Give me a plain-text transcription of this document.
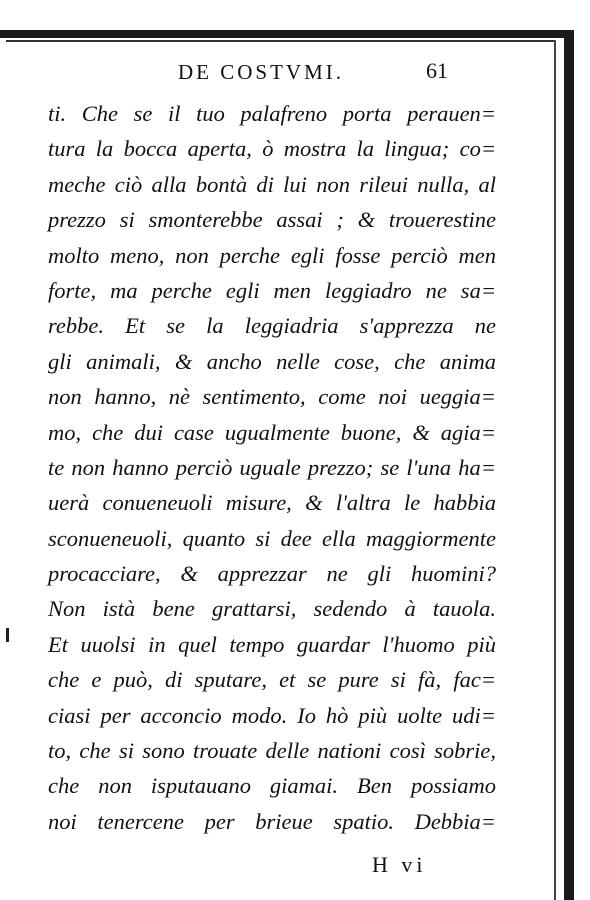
DE COSTVMI.	61
ti. Che se il tuo palafreno porta perauen=
tura la bocca aperta, ò mostra la lingua; co=
meche ciò alla bontà di lui non rileui nulla, al
prezzo si smonterebbe assai ; & trouerestine
molto meno, non perche egli fosse perciò men
forte, ma perche egli men leggiadro ne sa=
rebbe. Et se la leggiadria s'apprezza ne
gli animali, & ancho nelle cose, che anima
non hanno, nè sentimento, come noi ueggia=
mo, che dui case ugualmente buone, & agia=
te non hanno perciò uguale prezzo; se l'una ha=
uerà conueneuoli misure, & l'altra le habbia
sconueneuoli, quanto si dee ella maggiormente
procacciare, & apprezzar ne gli huomini?
Non istà bene grattarsi, sedendo à tauola.
Et uuolsi in quel tempo guardar l'huomo più
che e può, di sputare, et se pure si fà, fac=
ciasi per acconcio modo. Io hò più uolte udi=
to, che si sono trouate delle nationi così sobrie,
che non isputauano giamai. Ben possiamo
noi tenercene per brieue spatio. Debbia=
H vi
